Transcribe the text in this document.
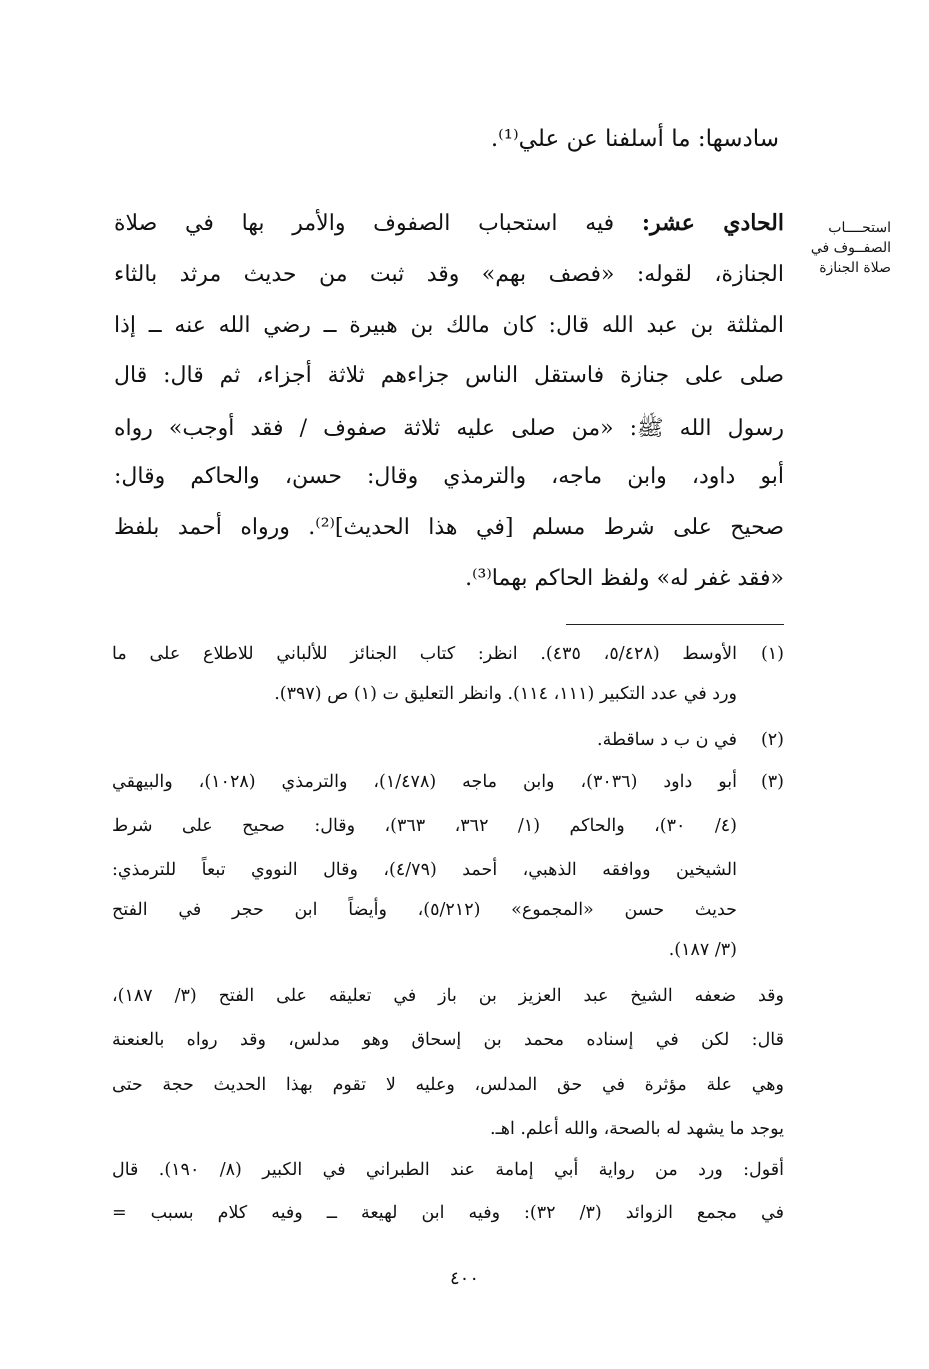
سادسها: ما أسلفنا عن علي⁽¹⁾.
استحــــاب
الصفــوف في
صلاة الجنازة
الحادي عشر: فيه استحباب الصفوف والأمر بها في صلاة
الجنازة، لقوله: «فصف بهم» وقد ثبت من حديث مرثد بالثاء
المثلثة بن عبد الله قال: كان مالك بن هبيرة ــ رضي الله عنه ــ إذا
صلى على جنازة فاستقل الناس جزاءهم ثلاثة أجزاء، ثم قال: قال
رسول الله ﷺ: «من صلى عليه ثلاثة صفوف / فقد أوجب» رواه
أبو داود، وابن ماجه، والترمذي وقال: حسن، والحاكم وقال:
صحيح على شرط مسلم [في هذا الحديث]⁽²⁾. ورواه أحمد بلفظ
«فقد غفر له» ولفظ الحاكم بهما⁽³⁾.
(١)
الأوسط (٥/٤٢٨، ٤٣٥). انظر: كتاب الجنائز للألباني للاطلاع على ما
ورد في عدد التكبير (١١١، ١١٤). وانظر التعليق ت (١) ص (٣٩٧).
(٢)
في ن ب د ساقطة.
(٣)
أبو داود (٣٠٣٦)، وابن ماجه (١/٤٧٨)، والترمذي (١٠٢٨)، والبيهقي
(٤/ ٣٠)، والحاكم (١/ ٣٦٢، ٣٦٣)، وقال: صحيح على شرط
الشيخين ووافقه الذهبي، أحمد (٤/٧٩)، وقال النووي تبعاً للترمذي:
حديث حسن «المجموع» (٥/٢١٢)، وأيضاً ابن حجر في الفتح
(٣/ ١٨٧).
وقد ضعفه الشيخ عبد العزيز بن باز في تعليقه على الفتح (٣/ ١٨٧)،
قال: لكن في إسناده محمد بن إسحاق وهو مدلس، وقد رواه بالعنعنة
وهي علة مؤثرة في حق المدلس، وعليه لا تقوم بهذا الحديث حجة حتى
يوجد ما يشهد له بالصحة، والله أعلم. اهـ.
أقول: ورد من رواية أبي إمامة عند الطبراني في الكبير (٨/ ١٩٠). قال
في مجمع الزوائد (٣/ ٣٢): وفيه ابن لهيعة ــ وفيه كلام بسبب =
٤٠٠
